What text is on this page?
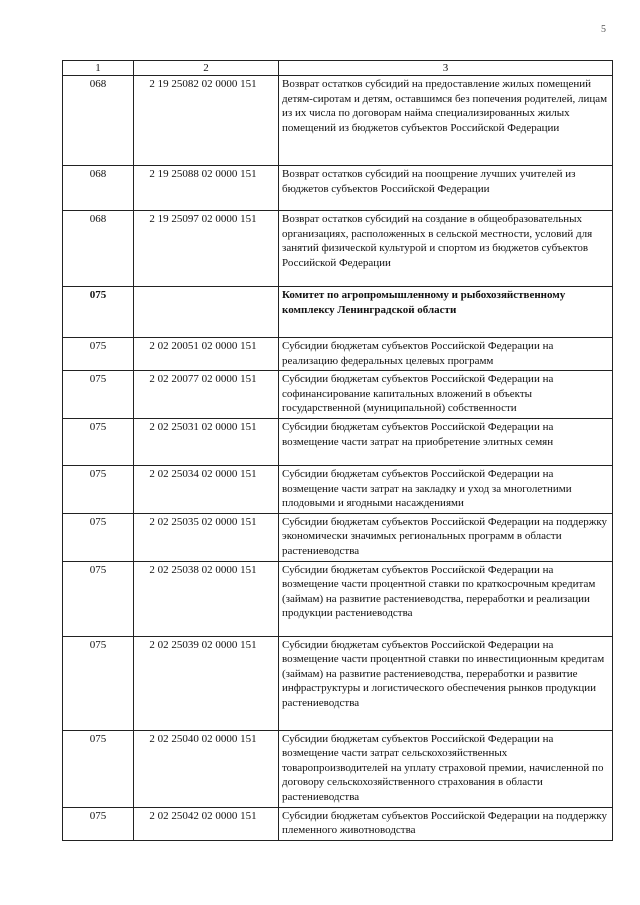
5
1	2	3
068	2 19 25082 02 0000 151	Возврат остатков субсидий на предоставление жилых помещений детям-сиротам и детям, оставшимся без попечения родителей, лицам из их числа по договорам найма специализированных жилых помещений из бюджетов субъектов Российской Федерации
068	2 19 25088 02 0000 151	Возврат остатков субсидий на поощрение лучших учителей из бюджетов субъектов Российской Федерации
068	2 19 25097 02 0000 151	Возврат остатков субсидий на создание в общеобразовательных организациях, расположенных в сельской местности, условий для занятий физической культурой и спортом из бюджетов субъектов Российской Федерации
075		Комитет по агропромышленному и рыбохозяйственному комплексу Ленинградской области
075	2 02 20051 02 0000 151	Субсидии бюджетам субъектов Российской Федерации на реализацию федеральных целевых программ
075	2 02 20077 02 0000 151	Субсидии бюджетам субъектов Российской Федерации на софинансирование капитальных вложений в объекты государственной (муниципальной) собственности
075	2 02 25031 02 0000 151	Субсидии бюджетам субъектов Российской Федерации на возмещение части затрат на приобретение элитных семян
075	2 02 25034 02 0000 151	Субсидии бюджетам субъектов Российской Федерации на возмещение части затрат на закладку и уход за многолетними плодовыми и ягодными насаждениями
075	2 02 25035 02 0000 151	Субсидии бюджетам субъектов Российской Федерации на поддержку экономически значимых региональных программ в области растениеводства
075	2 02 25038 02 0000 151	Субсидии бюджетам субъектов Российской Федерации на возмещение части процентной ставки по краткосрочным кредитам (займам) на развитие растениеводства, переработки и реализации продукции растениеводства
075	2 02 25039 02 0000 151	Субсидии бюджетам субъектов Российской Федерации на возмещение части процентной ставки по инвестиционным кредитам (займам) на развитие растениеводства, переработки и развитие инфраструктуры и логистического обеспечения рынков продукции растениеводства
075	2 02 25040 02 0000 151	Субсидии бюджетам субъектов Российской Федерации на возмещение части затрат сельскохозяйственных товаропроизводителей на уплату страховой премии, начисленной по договору сельскохозяйственного страхования в области растениеводства
075	2 02 25042 02 0000 151	Субсидии бюджетам субъектов Российской Федерации на поддержку племенного животноводства
